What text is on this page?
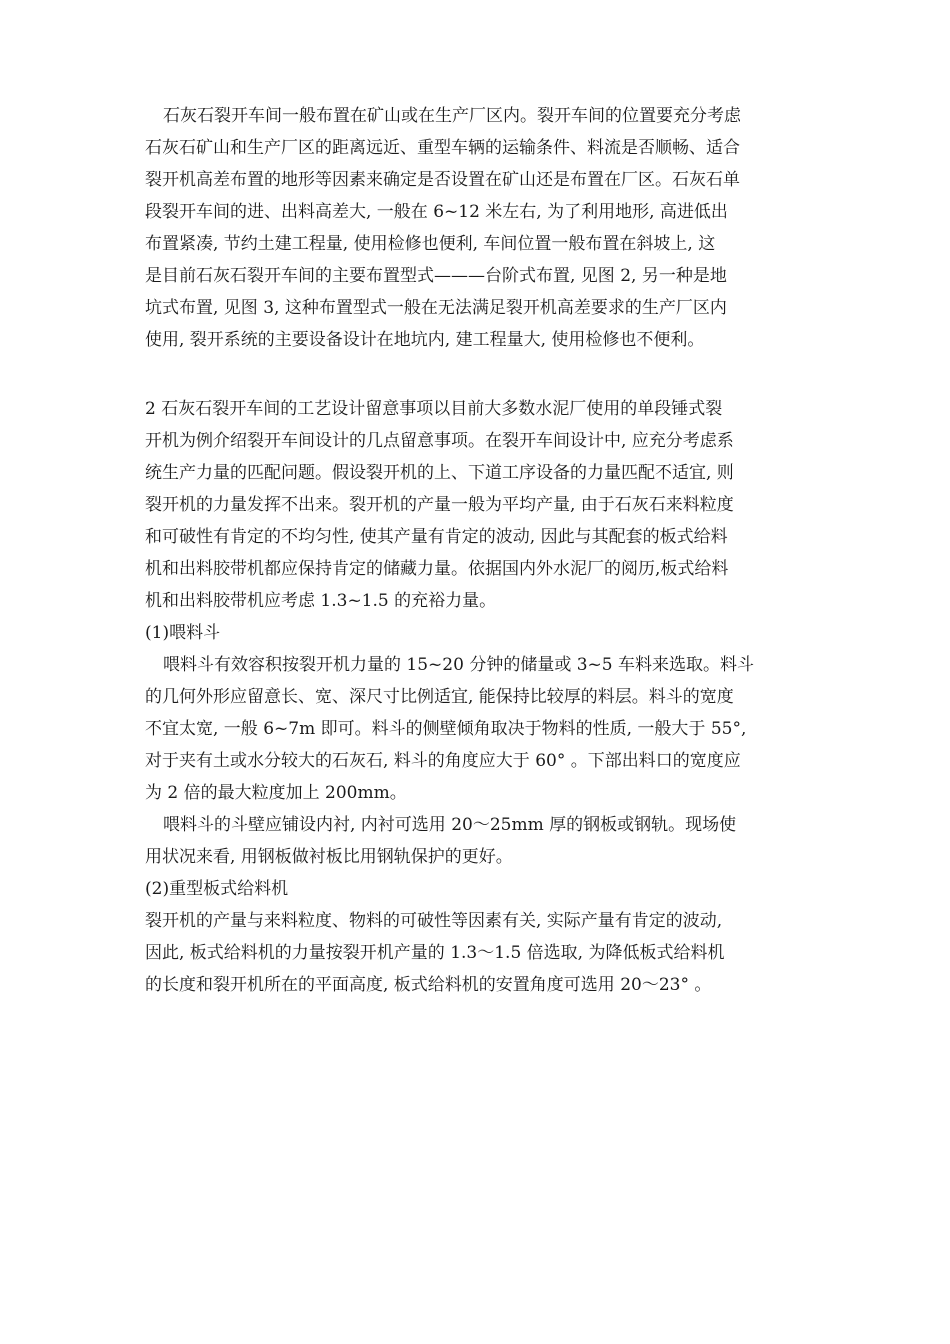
石灰石裂开车间一般布置在矿山或在生产厂区内。裂开车间的位置要充分考虑
石灰石矿山和生产厂区的距离远近、重型车辆的运输条件、料流是否顺畅、适合
裂开机高差布置的地形等因素来确定是否设置在矿山还是布置在厂区。石灰石单
段裂开车间的进、出料高差大, 一般在 6~12 米左右, 为了利用地形, 高进低出
布置紧凑, 节约土建工程量, 使用检修也便利, 车间位置一般布置在斜坡上, 这
是目前石灰石裂开车间的主要布置型式———台阶式布置, 见图 2, 另一种是地
坑式布置, 见图 3, 这种布置型式一般在无法满足裂开机高差要求的生产厂区内
使用, 裂开系统的主要设备设计在地坑内, 建工程量大, 使用检修也不便利。
2 石灰石裂开车间的工艺设计留意事项以目前大多数水泥厂使用的单段锤式裂
开机为例介绍裂开车间设计的几点留意事项。在裂开车间设计中, 应充分考虑系
统生产力量的匹配问题。假设裂开机的上、下道工序设备的力量匹配不适宜, 则
裂开机的力量发挥不出来。裂开机的产量一般为平均产量, 由于石灰石来料粒度
和可破性有肯定的不均匀性, 使其产量有肯定的波动, 因此与其配套的板式给料
机和出料胶带机都应保持肯定的储藏力量。依据国内外水泥厂的阅历,板式给料
机和出料胶带机应考虑 1.3~1.5 的充裕力量。
(1)喂料斗
喂料斗有效容积按裂开机力量的 15~20 分钟的储量或 3~5 车料来选取。料斗
的几何外形应留意长、宽、深尺寸比例适宜, 能保持比较厚的料层。料斗的宽度
不宜太宽, 一般 6~7m 即可。料斗的侧壁倾角取决于物料的性质, 一般大于 55°,
对于夹有土或水分较大的石灰石, 料斗的角度应大于 60° 。下部出料口的宽度应
为 2 倍的最大粒度加上 200mm。
喂料斗的斗壁应铺设内衬, 内衬可选用 20～25mm 厚的钢板或钢轨。现场使
用状况来看, 用钢板做衬板比用钢轨保护的更好。
(2)重型板式给料机
裂开机的产量与来料粒度、物料的可破性等因素有关, 实际产量有肯定的波动,
因此, 板式给料机的力量按裂开机产量的 1.3～1.5 倍选取, 为降低板式给料机
的长度和裂开机所在的平面高度, 板式给料机的安置角度可选用 20～23° 。
